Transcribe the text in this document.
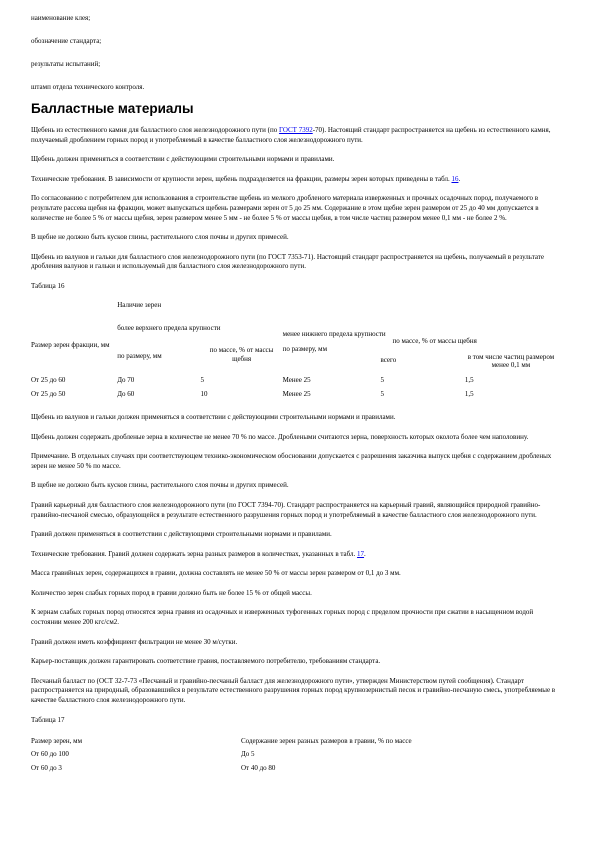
наименование клея;
обозначение стандарта;
результаты испытаний;
штамп отдела технического контроля.
Балластные материалы

Щебень из естественного камня для балластного слоя железнодорожного пути (по ГОСТ 7392-70). Настоящий стандарт распространяется на щебень из естественного камня, получаемый дроблением горных пород и употребляемый в качестве балластного слоя железнодорожного пути.

Щебень должен применяться в соответствии с действующими строительными нормами и правилами.

Технические требования. В зависимости от крупности зерен, щебень подразделяется на фракции, размеры зерен которых приведены в табл. 16.

По согласованию с потребителем для использования в строительстве щебень из мелкого дробленого материала изверженных и прочных осадочных пород, получаемого в результате рассева щебня на фракции, может выпускаться щебень размерами зерен от 5 до 25 мм. Содержание в этом щебне зерен размером от 25 до 40 мм допускается в количестве не более 5 % от массы щебня, зерен размером менее 5 мм - не более 5 % от массы щебня, в том числе частиц размером менее 0,1 мм - не более 2 %.

В щебне не должно быть кусков глины, растительного слоя почвы и других примесей.

Щебень из валунов и гальки для балластного слоя железнодорожного пути (по ГОСТ 7353-71). Настоящий стандарт распространяется на щебень, получаемый в результате дробления валунов и гальки и используемый для балластного слоя железнодорожного пути.

Таблица 16
Размер зерен фракции, мм	Наличие зерен				
	более верхнего предела крупности		менее нижнего предела крупности		
	по размеру, мм	по массе, % от массы щебня	по размеру, мм	по массе, % от массы щебня
всего	в том числе частиц размером менее 0,1 мм
От 25 до 60	До 70	5	Менее 25	5	1,5
От 25 до 50	До 60	10	Менее 25	5	1,5

Щебень из валунов и гальки должен применяться в соответствии с действующими строительными нормами и правилами.

Щебень должен содержать дробленые зерна в количестве не менее 70 % по массе. Дроблеными считаются зерна, поверхность которых околота более чем наполовину.

Примечание. В отдельных случаях при соответствующем технико-экономическом обосновании допускается с разрешения заказчика выпуск щебня с содержанием дробленых зерен не менее 50 % по массе.

В щебне не должно быть кусков глины, растительного слоя почвы и других примесей.

Гравий карьерный для балластного слоя железнодорожного пути (по ГОСТ 7394-70). Стандарт распространяется на карьерный гравий, являющийся природной гравийно-гравийно-песчаной смесью, образующейся в результате естественного разрушения горных пород и употребляемый в качестве балластного слоя железнодорожного пути.

Гравий должен применяться в соответствии с действующими строительными нормами и правилами.

Технические требования. Гравий должен содержать зерна разных размеров в количествах, указанных в табл. 17.

Масса гравийных зерен, содержащихся в гравии, должна составлять не менее 50 % от массы зерен размером от 0,1 до 3 мм.

Количество зерен слабых горных пород в гравии должно быть не более 15 % от общей массы.

К зернам слабых горных пород относятся зерна гравия из осадочных и изверженных туфогенных горных пород с пределом прочности при сжатии в насыщенном водой состоянии менее 200 кгс/см2.

Гравий должен иметь коэффициент фильтрации не менее 30 м/сутки.

Карьер-поставщик должен гарантировать соответствие гравия, поставляемого потребителю, требованиям стандарта.

Песчаный балласт по (ОСТ 32-7-73 «Песчаный и гравийно-песчаный балласт для железнодорожного пути», утвержден Министерством путей сообщения). Стандарт распространяется на природный, образовавшийся в результате естественного разрушения горных пород крупнозернистый песок и гравийно-песчаную смесь, употребляемые в качестве балластного слоя железнодорожного пути.

Таблица 17
Размер зерен, мм	Содержание зерен разных размеров в гравии, % по массе
От 60 до 100	До 5
От 60 до 3	От 40 до 80
